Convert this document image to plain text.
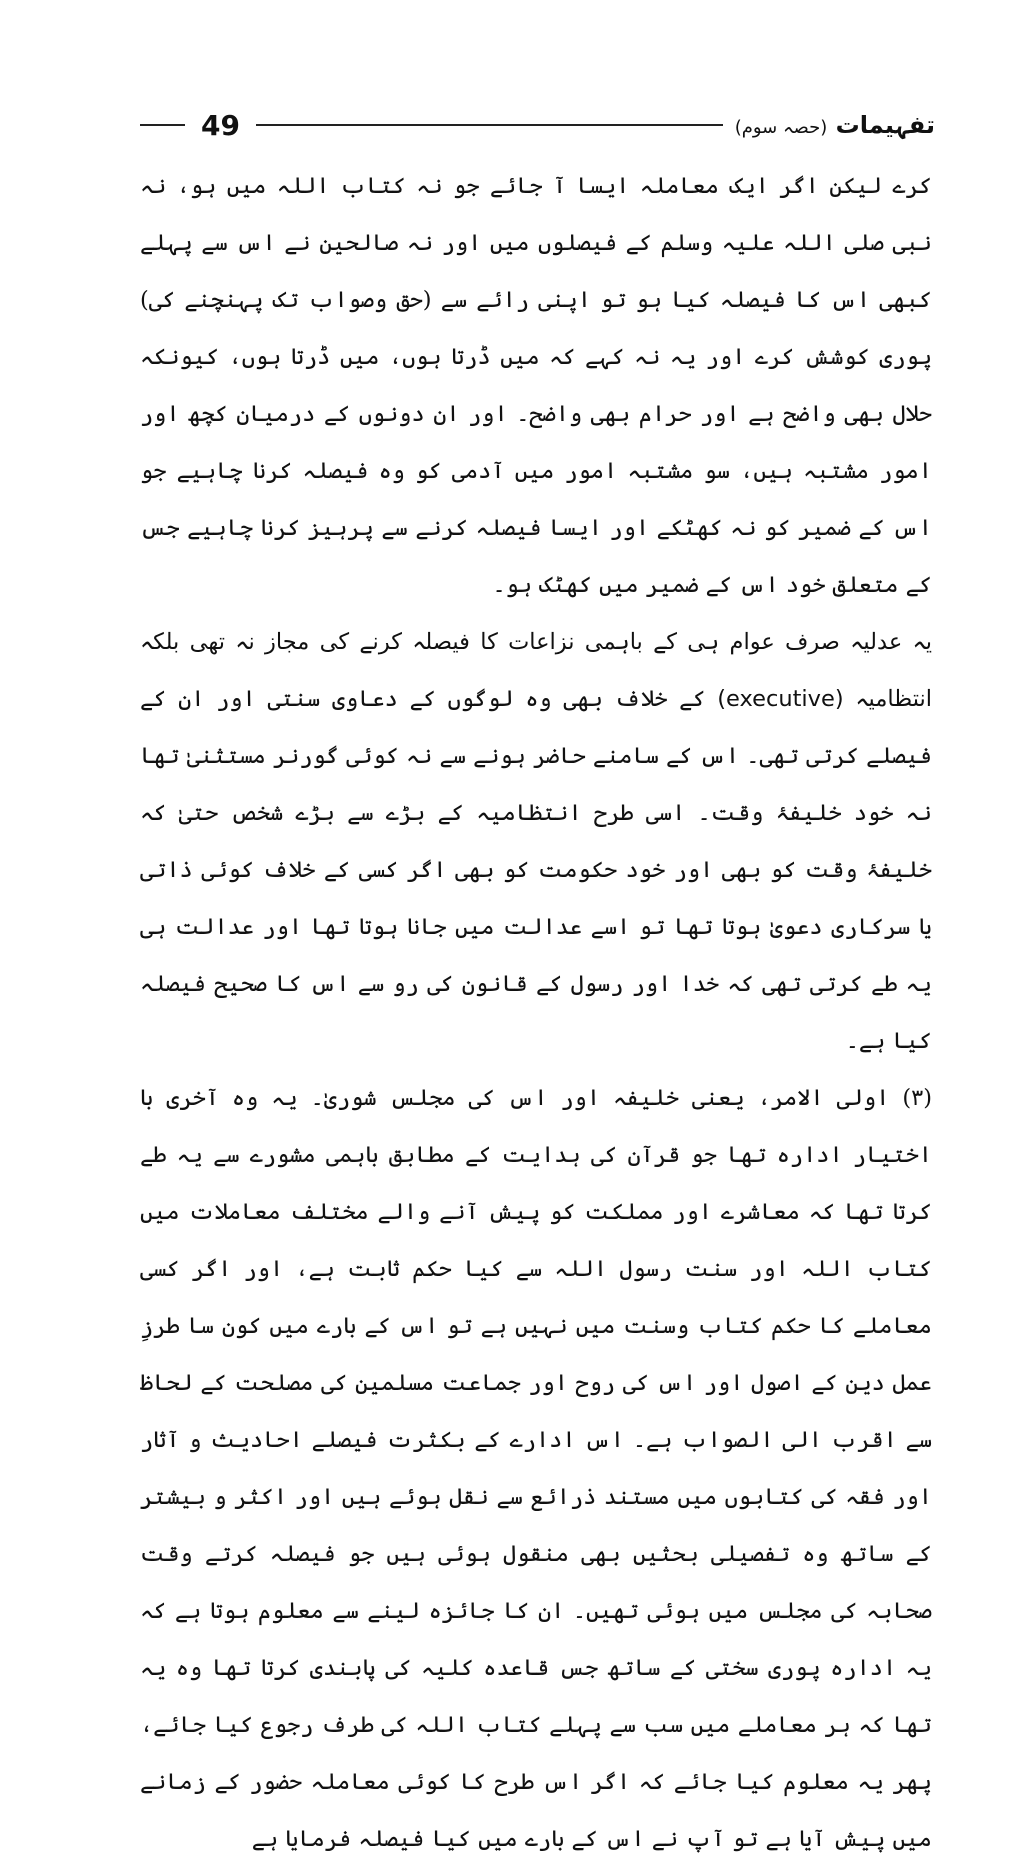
49	تفہیمات (حصہ سوم)

کرے لیکن اگر ایک معاملہ ایسا آ جائے جو نہ کتاب اللہ میں ہو، نہ نبی صلی اللہ علیہ وسلم کے فیصلوں میں اور نہ صالحین نے اس سے پہلے کبھی اس کا فیصلہ کیا ہو تو اپنی رائے سے (حق وصواب تک پہنچنے کی) پوری کوشش کرے اور یہ نہ کہے کہ میں ڈرتا ہوں، میں ڈرتا ہوں، کیونکہ حلال بھی واضح ہے اور حرام بھی واضح۔ اور ان دونوں کے درمیان کچھ اور امور مشتبہ ہیں، سو مشتبہ امور میں آدمی کو وہ فیصلہ کرنا چاہیے جو اس کے ضمیر کو نہ کھٹکے اور ایسا فیصلہ کرنے سے پرہیز کرنا چاہیے جس کے متعلق خود اس کے ضمیر میں کھٹک ہو۔

یہ عدلیہ صرف عوام ہی کے باہمی نزاعات کا فیصلہ کرنے کی مجاز نہ تھی بلکہ انتظامیہ (executive) کے خلاف بھی وہ لوگوں کے دعاوی سنتی اور ان کے فیصلے کرتی تھی۔ اس کے سامنے حاضر ہونے سے نہ کوئی گورنر مستثنیٰ تھا نہ خود خلیفۂ وقت۔ اسی طرح انتظامیہ کے بڑے سے بڑے شخص حتیٰ کہ خلیفۂ وقت کو بھی اور خود حکومت کو بھی اگر کسی کے خلاف کوئی ذاتی یا سرکاری دعویٰ ہوتا تھا تو اسے عدالت میں جانا ہوتا تھا اور عدالت ہی یہ طے کرتی تھی کہ خدا اور رسول کے قانون کی رو سے اس کا صحیح فیصلہ کیا ہے۔

(۳) اولی الامر، یعنی خلیفہ اور اس کی مجلس شوریٰ۔ یہ وہ آخری با اختیار ادارہ تھا جو قرآن کی ہدایت کے مطابق باہمی مشورے سے یہ طے کرتا تھا کہ معاشرے اور مملکت کو پیش آنے والے مختلف معاملات میں کتاب اللہ اور سنت رسول اللہ سے کیا حکم ثابت ہے، اور اگر کسی معاملے کا حکم کتاب وسنت میں نہیں ہے تو اس کے بارے میں کون سا طرزِ عمل دین کے اصول اور اس کی روح اور جماعت مسلمین کی مصلحت کے لحاظ سے اقرب الی الصواب ہے۔ اس ادارے کے بکثرت فیصلے احادیث و آثار اور فقہ کی کتابوں میں مستند ذرائع سے نقل ہوئے ہیں اور اکثر و بیشتر کے ساتھ وہ تفصیلی بحثیں بھی منقول ہوئی ہیں جو فیصلہ کرتے وقت صحابہ کی مجلس میں ہوئی تھیں۔ ان کا جائزہ لینے سے معلوم ہوتا ہے کہ یہ ادارہ پوری سختی کے ساتھ جس قاعدہ کلیہ کی پابندی کرتا تھا وہ یہ تھا کہ ہر معاملے میں سب سے پہلے کتاب اللہ کی طرف رجوع کیا جائے، پھر یہ معلوم کیا جائے کہ اگر اس طرح کا کوئی معاملہ حضور کے زمانے میں پیش آیا ہے تو آپ نے اس کے بارے میں کیا فیصلہ فرمایا ہے
